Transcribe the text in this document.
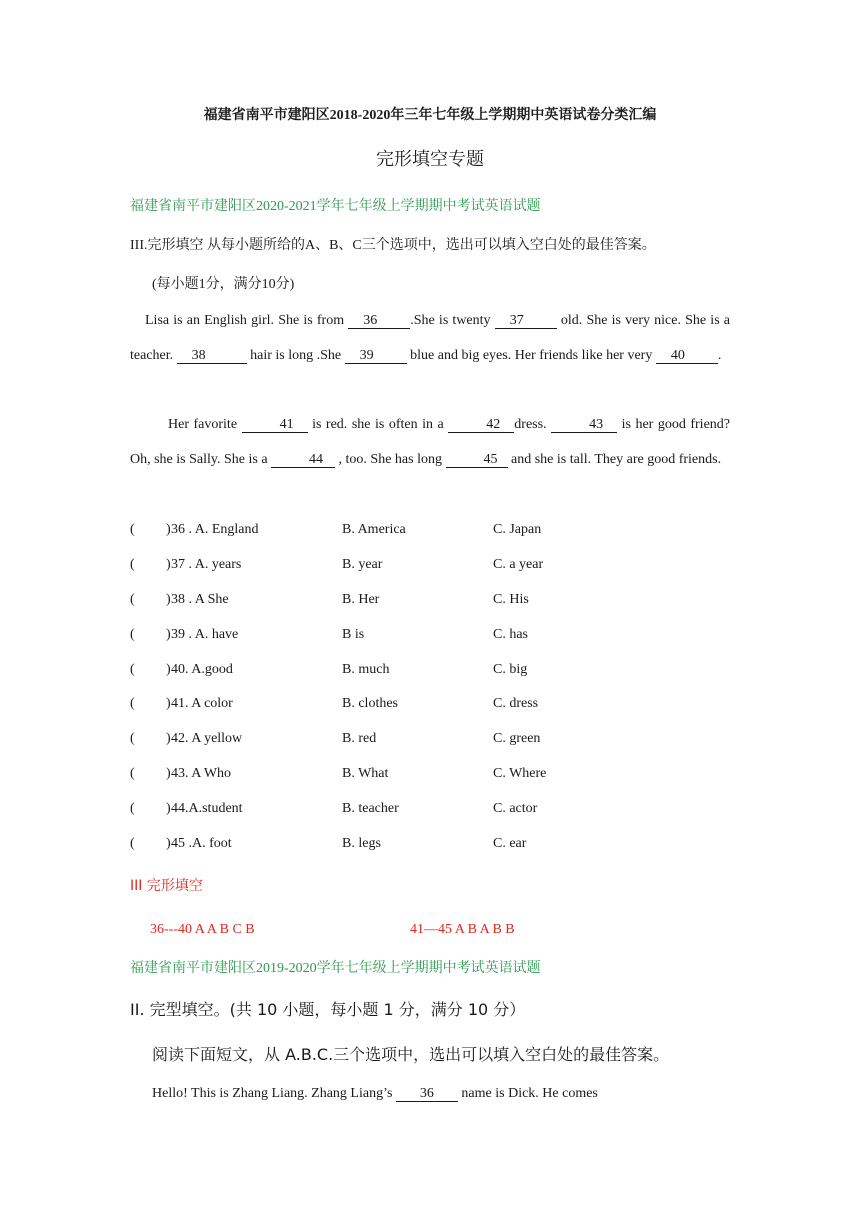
福建省南平市建阳区2018-2020年三年七年级上学期期中英语试卷分类汇编
完形填空专题
福建省南平市建阳区2020-2021学年七年级上学期期中考试英语试题
III.完形填空 从每小题所给的A、B、C三个选项中，选出可以填入空白处的最佳答案。
(每小题1分，满分10分)
Lisa is an English girl. She is from 36 .She is twenty 37	old. She is very nice. She is a teacher. 38	hair is long .She 39	blue and big eyes. Her friends like her very 40 .
Her favorite	41 is red. she is often in a	42 dress.	43 is her good friend? Oh, she is Sally. She is a	44 , too. She has long	45 and she is tall. They are good friends.
( ) 36 . A. England	B. America	C. Japan
( ) 37 . A. years	B. year	C. a year
( ) 38 . A She	B. Her	C. His
( ) 39 . A. have	B is	C. has
( ) 40. A.good	B. much	C. big
( ) 41. A color	B. clothes	C. dress
( ) 42. A yellow	B. red	C. green
( ) 43. A Who	B. What	C. Where
( ) 44.A.student	B. teacher	C. actor
( ) 45 .A. foot	B. legs	C. ear
III 完形填空
36---40 A A B C B	41—45 A B A B B
福建省南平市建阳区2019-2020学年七年级上学期期中考试英语试题
II. 完型填空。(共 10 小题，每小题 1 分，满分 10 分）
阅读下面短文，从 A.B.C.三个选项中，选出可以填入空白处的最佳答案。
Hello! This is Zhang Liang. Zhang Liang’s 36 name is Dick. He comes
